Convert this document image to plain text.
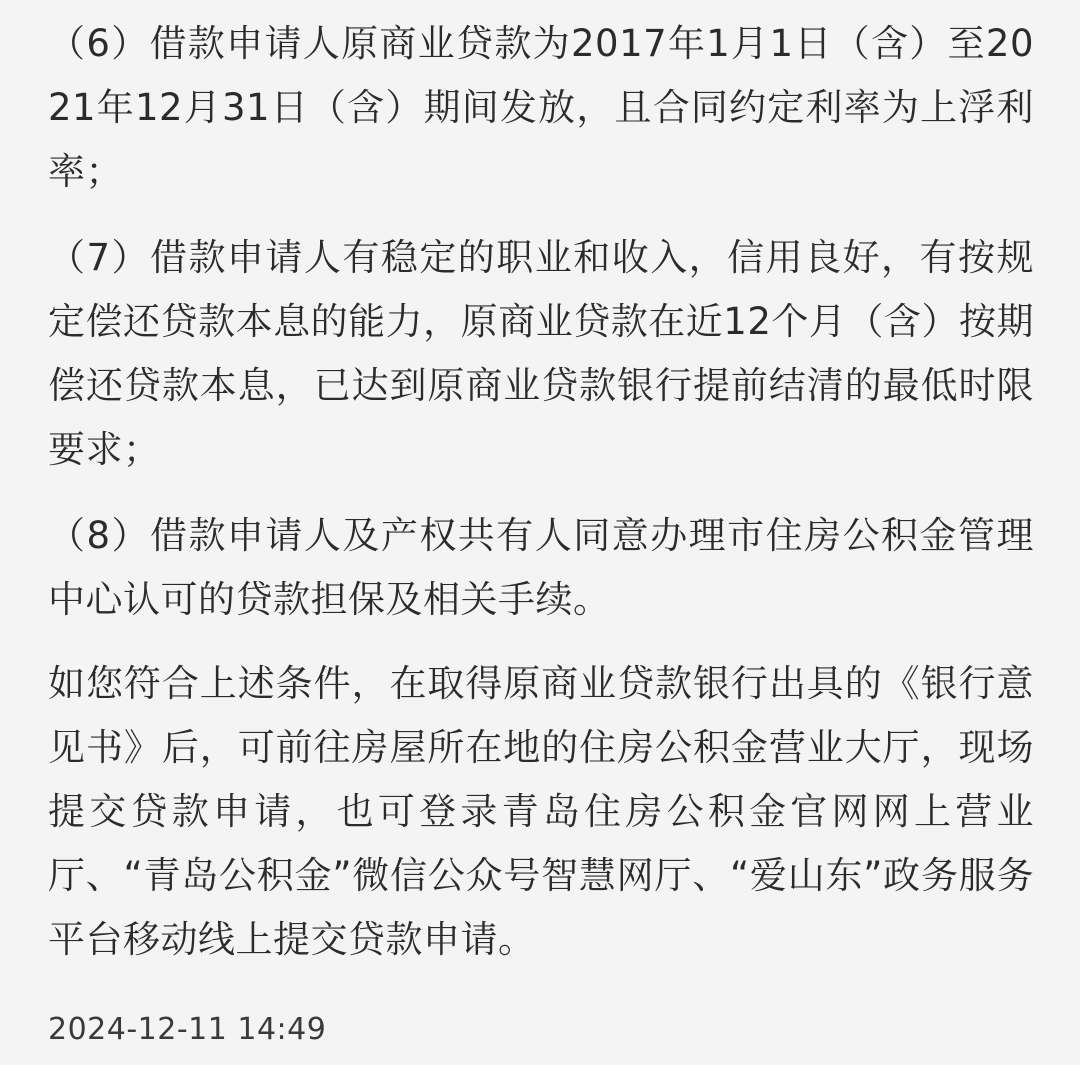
（6）借款申请人原商业贷款为2017年1月1日（含）至2021年12月31日（含）期间发放，且合同约定利率为上浮利率；

（7）借款申请人有稳定的职业和收入，信用良好，有按规定偿还贷款本息的能力，原商业贷款在近12个月（含）按期偿还贷款本息，已达到原商业贷款银行提前结清的最低时限要求；

（8）借款申请人及产权共有人同意办理市住房公积金管理中心认可的贷款担保及相关手续。

如您符合上述条件，在取得原商业贷款银行出具的《银行意见书》后，可前往房屋所在地的住房公积金营业大厅，现场提交贷款申请，也可登录青岛住房公积金官网网上营业厅、“青岛公积金”微信公众号智慧网厅、“爱山东”政务服务平台移动线上提交贷款申请。

2024-12-11 14:49
